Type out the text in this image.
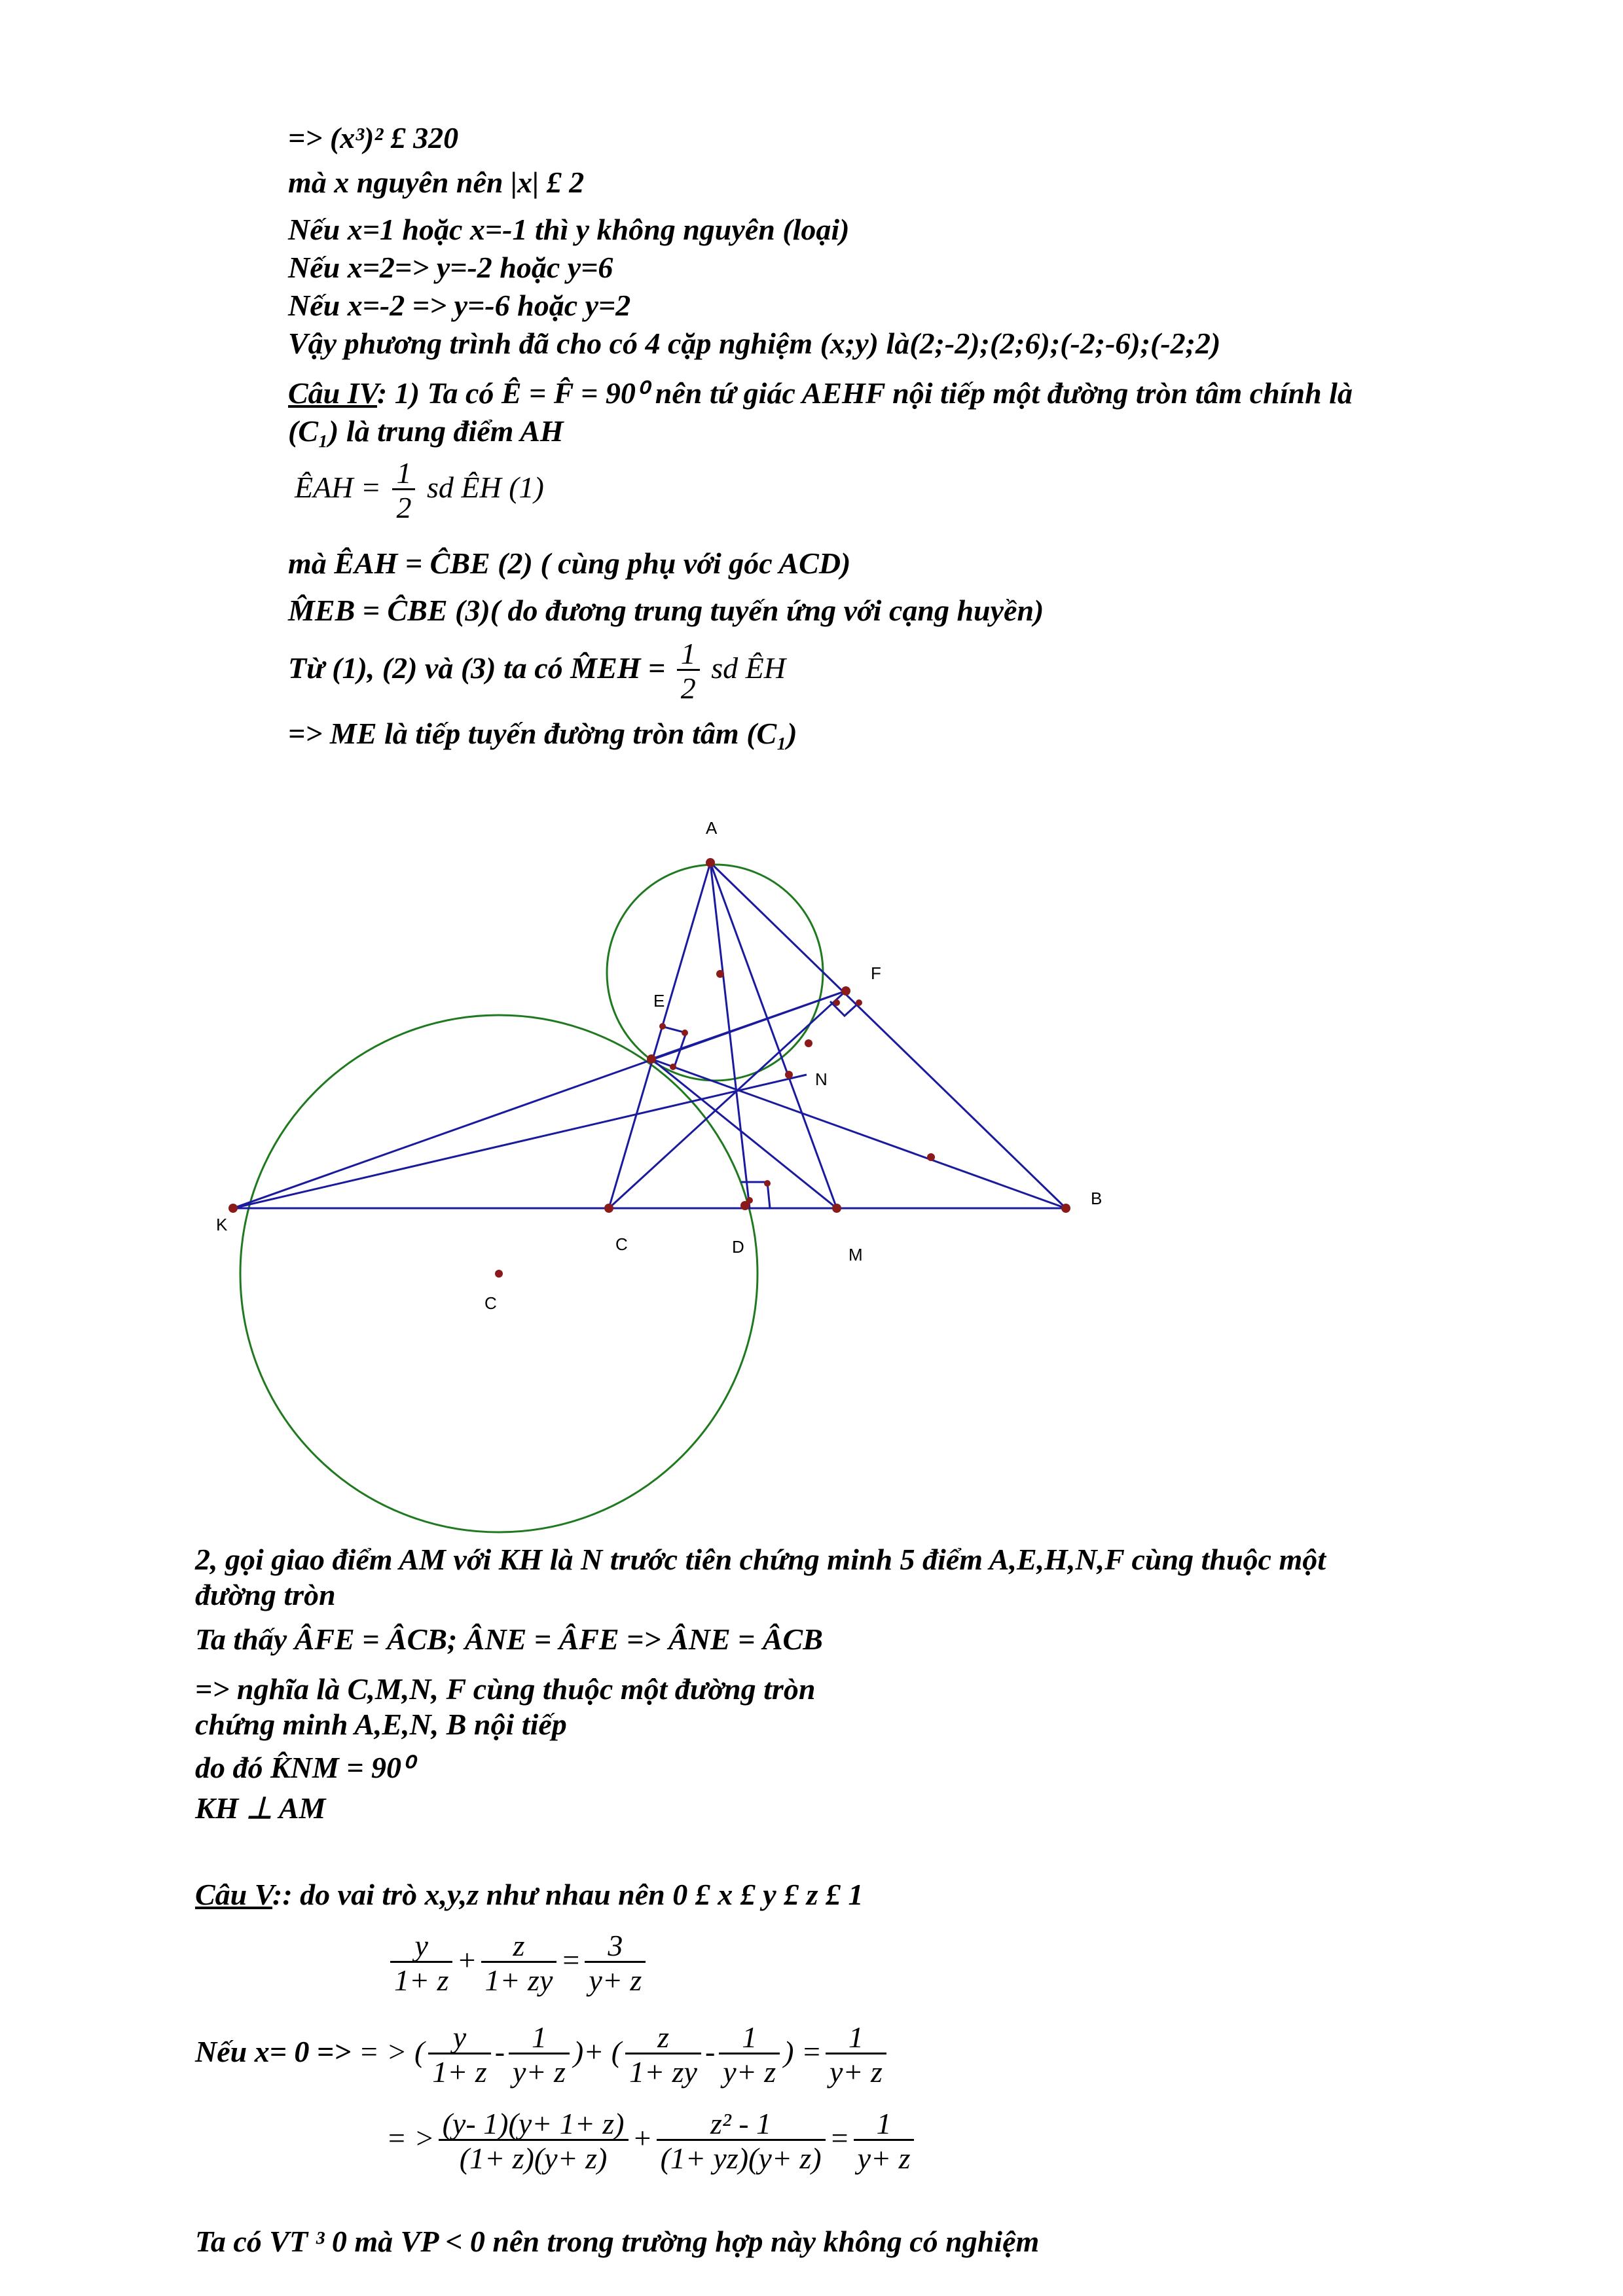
=> (x³)² £ 320
mà x nguyên nên |x| £ 2
Nếu x=1 hoặc x=-1 thì y không nguyên (loại)
Nếu x=2=> y=-2 hoặc y=6
Nếu x=-2 => y=-6 hoặc y=2
Vậy phương trình đã cho có 4 cặp nghiệm (x;y) là(2;-2);(2;6);(-2;-6);(-2;2)
Câu IV: 1) Ta có Ê = F̂ = 90⁰ nên tứ giác AEHF nội tiếp một đường tròn tâm chính là
(C₁) là trung điểm AH
ÊAH = $\frac{1}{2}$ sd ÊH (1)
mà ÊAH = ĈBE (2) ( cùng phụ với góc ACD)
M̂EB = ĈBE (3)( do đương trung tuyến ứng với cạng huyền)
Từ (1), (2) và (3) ta có M̂EH = $\frac{1}{2}$ sd ÊH
=> ME là tiếp tuyến đường tròn tâm (C₁)
A
E
F
N
K
C	D	M
B
C
2, gọi giao điểm AM với KH là N trước tiên chứng minh 5 điểm A,E,H,N,F cùng thuộc một
đường tròn
Ta thấy ÂFE = ÂCB; ÂNE = ÂFE => ÂNE = ÂCB
=> nghĩa là C,M,N, F cùng thuộc một đường tròn
chứng minh A,E,N, B nội tiếp
do đó K̂NM = 90⁰
KH ⊥ AM
Câu V:: do vai trò x,y,z như nhau nên 0 £ x £ y £ z £ 1
$\frac{y}{1+ z} + \frac{z}{1+ zy} = \frac{3}{y+ z}$
Nếu x= 0 => = > ( $\frac{y}{1+ z} - \frac{1}{y+ z}$ )+ ( $\frac{z}{1+ zy} - \frac{1}{y+ z}$ ) = $\frac{1}{y+ z}$
= > $\frac{(y- 1)(y+ 1+ z)}{(1+ z)(y+ z)} + \frac{\text{z² - 1}}{(1+ yz)(y+ z)} = \frac{1}{y+ z}$
Ta có VT ³ 0 mà VP < 0 nên trong trường hợp này không có nghiệm
